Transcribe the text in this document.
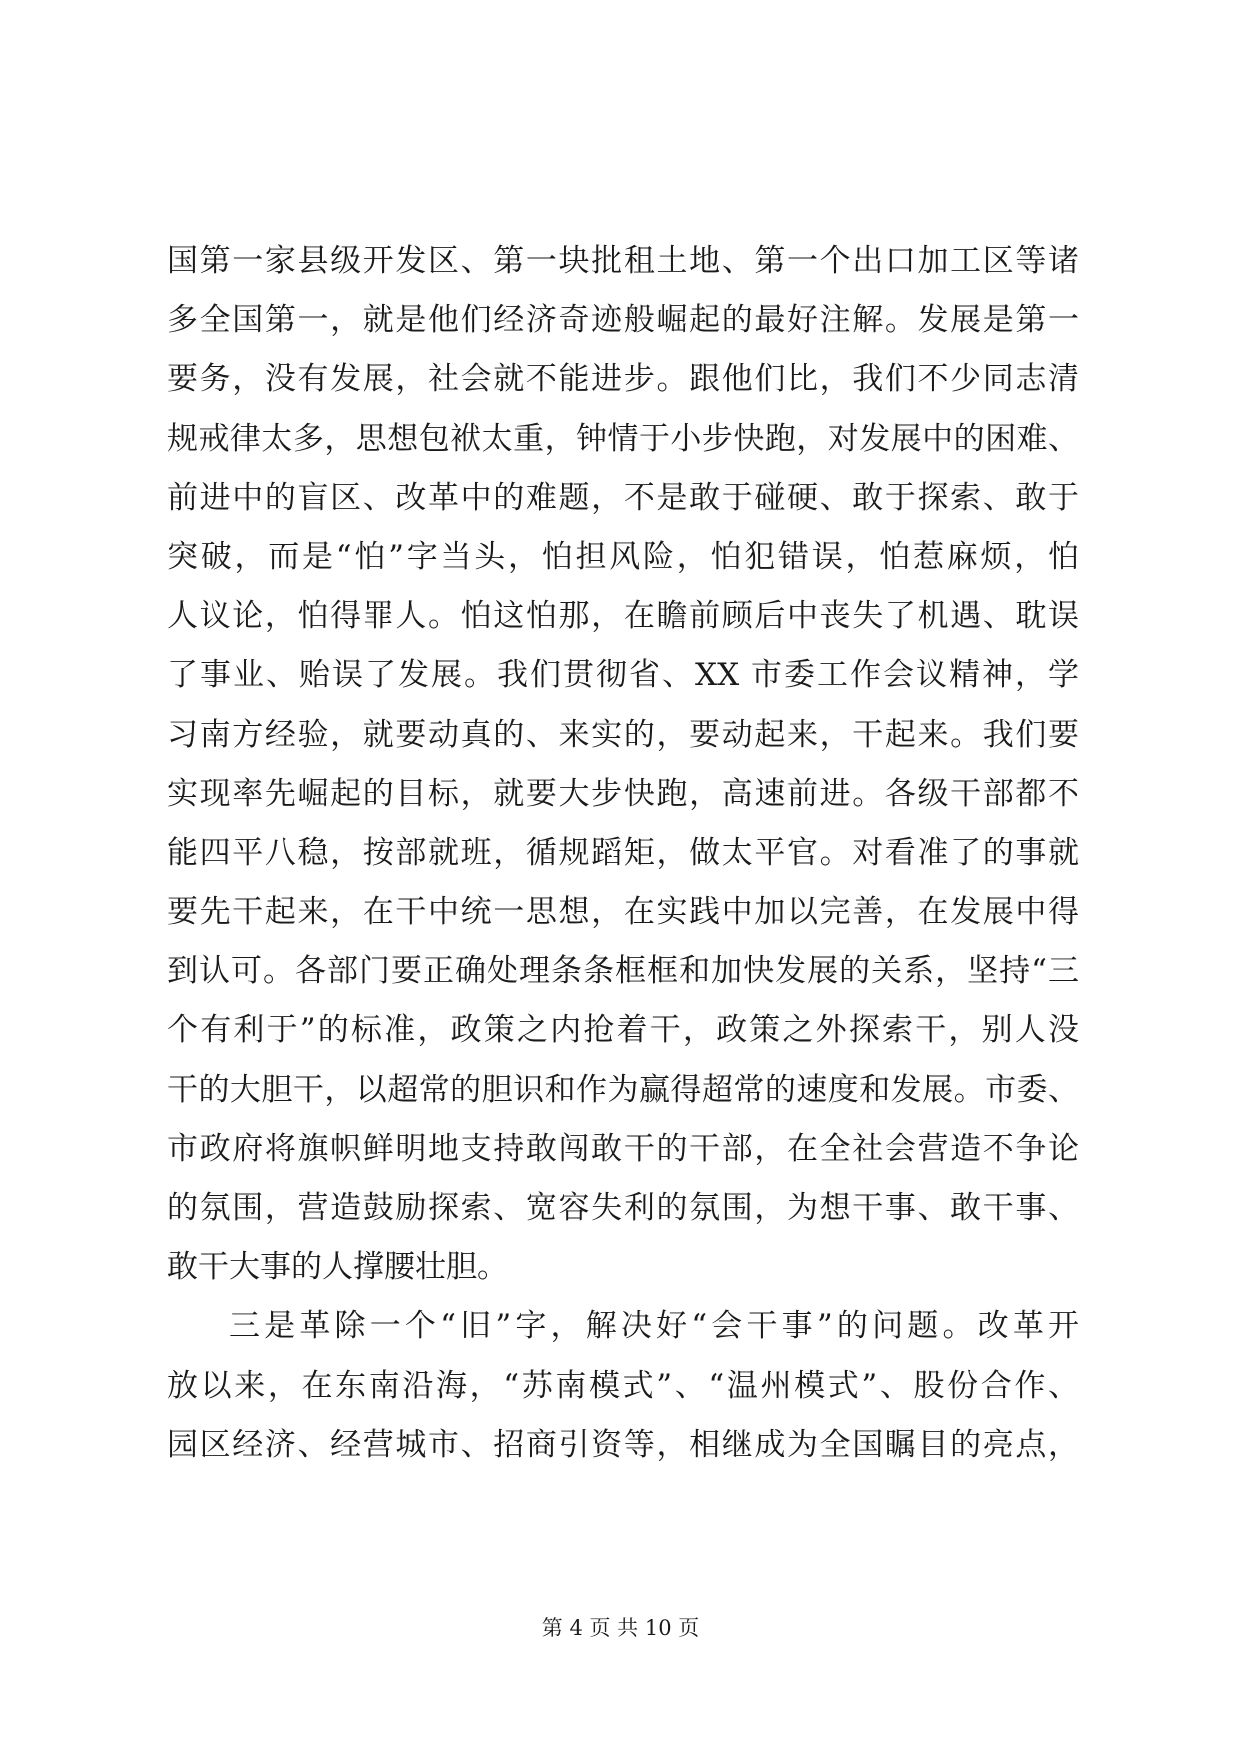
国第一家县级开发区、第一块批租土地、第一个出口加工区等诸
多全国第一，就是他们经济奇迹般崛起的最好注解。发展是第一
要务，没有发展，社会就不能进步。跟他们比，我们不少同志清
规戒律太多，思想包袱太重，钟情于小步快跑，对发展中的困难、
前进中的盲区、改革中的难题，不是敢于碰硬、敢于探索、敢于
突破，而是“怕”字当头，怕担风险，怕犯错误，怕惹麻烦，怕
人议论，怕得罪人。怕这怕那，在瞻前顾后中丧失了机遇、耽误
了事业、贻误了发展。我们贯彻省、XX 市委工作会议精神，学
习南方经验，就要动真的、来实的，要动起来，干起来。我们要
实现率先崛起的目标，就要大步快跑，高速前进。各级干部都不
能四平八稳，按部就班，循规蹈矩，做太平官。对看准了的事就
要先干起来，在干中统一思想，在实践中加以完善，在发展中得
到认可。各部门要正确处理条条框框和加快发展的关系，坚持“三
个有利于”的标准，政策之内抢着干，政策之外探索干，别人没
干的大胆干，以超常的胆识和作为赢得超常的速度和发展。市委、
市政府将旗帜鲜明地支持敢闯敢干的干部，在全社会营造不争论
的氛围，营造鼓励探索、宽容失利的氛围，为想干事、敢干事、
敢干大事的人撑腰壮胆。
三是革除一个“旧”字，解决好“会干事”的问题。改革开
放以来，在东南沿海，“苏南模式”、“温州模式”、股份合作、
园区经济、经营城市、招商引资等，相继成为全国瞩目的亮点，
第 4 页 共 10 页
